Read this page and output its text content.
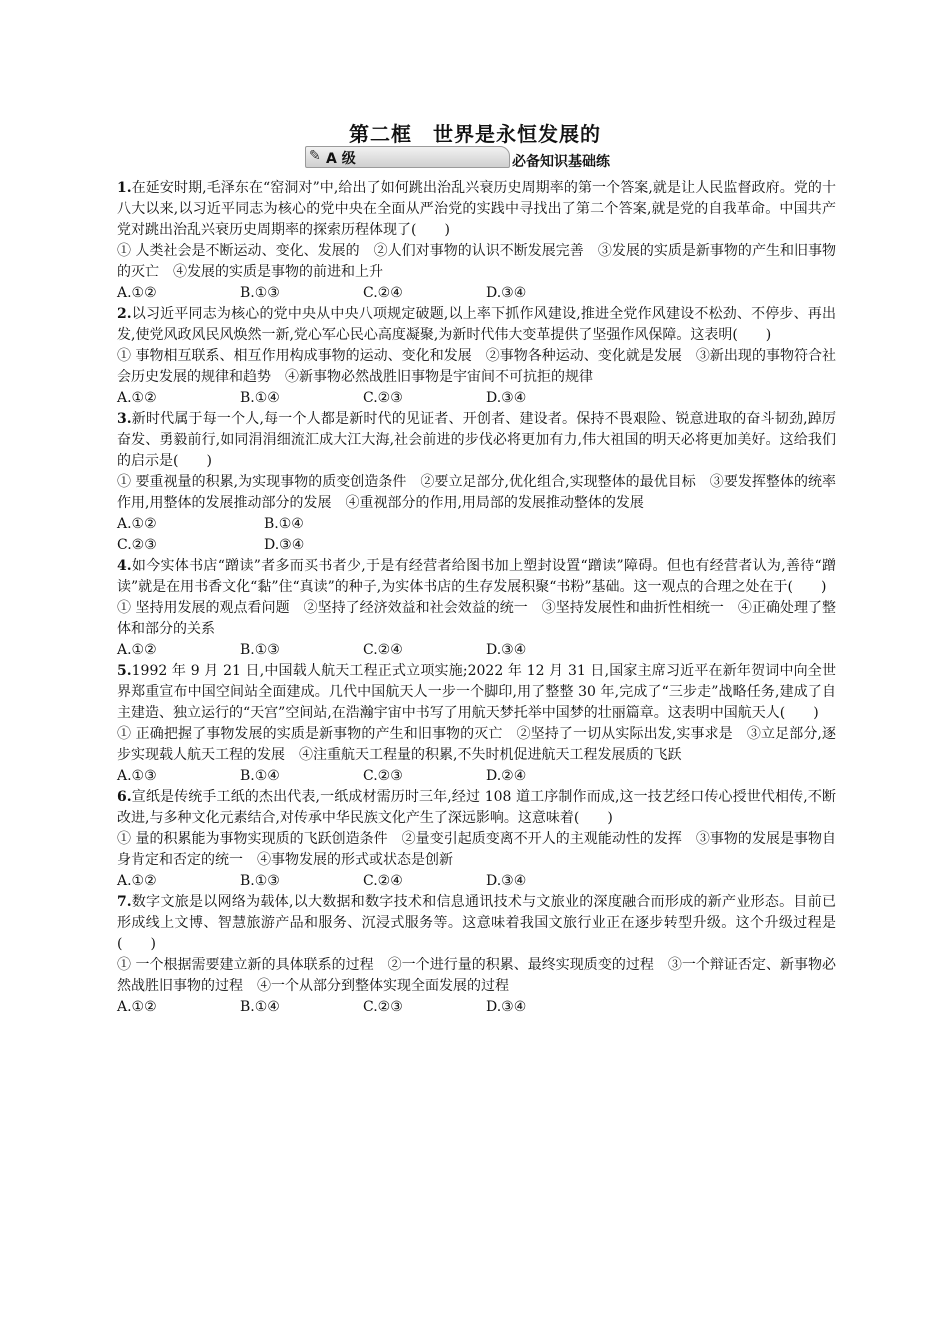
第二框　世界是永恒发展的
✎ A 级	必备知识基础练
1.在延安时期,毛泽东在“窑洞对”中,给出了如何跳出治乱兴衰历史周期率的第一个答案,就是让人民监督政府。党的十八大以来,以习近平同志为核心的党中央在全面从严治党的实践中寻找出了第二个答案,就是党的自我革命。中国共产党对跳出治乱兴衰历史周期率的探索历程体现了(　　)
① 人类社会是不断运动、变化、发展的　②人们对事物的认识不断发展完善　③发展的实质是新事物的产生和旧事物的灭亡　④发展的实质是事物的前进和上升
A.①②	B.①③	C.②④	D.③④
2.以习近平同志为核心的党中央从中央八项规定破题,以上率下抓作风建设,推进全党作风建设不松劲、不停步、再出发,使党风政风民风焕然一新,党心军心民心高度凝聚,为新时代伟大变革提供了坚强作风保障。这表明(　　)
① 事物相互联系、相互作用构成事物的运动、变化和发展　②事物各种运动、变化就是发展　③新出现的事物符合社会历史发展的规律和趋势　④新事物必然战胜旧事物是宇宙间不可抗拒的规律
A.①②	B.①④	C.②③	D.③④
3.新时代属于每一个人,每一个人都是新时代的见证者、开创者、建设者。保持不畏艰险、锐意进取的奋斗韧劲,踔厉奋发、勇毅前行,如同涓涓细流汇成大江大海,社会前进的步伐必将更加有力,伟大祖国的明天必将更加美好。这给我们的启示是(　　)
① 要重视量的积累,为实现事物的质变创造条件　②要立足部分,优化组合,实现整体的最优目标　③要发挥整体的统率作用,用整体的发展推动部分的发展　④重视部分的作用,用局部的发展推动整体的发展
A.①②	B.①④
C.②③	D.③④
4.如今实体书店“蹭读”者多而买书者少,于是有经营者给图书加上塑封设置“蹭读”障碍。但也有经营者认为,善待“蹭读”就是在用书香文化“黏”住“真读”的种子,为实体书店的生存发展积聚“书粉”基础。这一观点的合理之处在于(　　)
① 坚持用发展的观点看问题　②坚持了经济效益和社会效益的统一　③坚持发展性和曲折性相统一　④正确处理了整体和部分的关系
A.①②	B.①③	C.②④	D.③④
5.1992 年 9 月 21 日,中国载人航天工程正式立项实施;2022 年 12 月 31 日,国家主席习近平在新年贺词中向全世界郑重宣布中国空间站全面建成。几代中国航天人一步一个脚印,用了整整 30 年,完成了“三步走”战略任务,建成了自主建造、独立运行的“天宫”空间站,在浩瀚宇宙中书写了用航天梦托举中国梦的壮丽篇章。这表明中国航天人(　　)
① 正确把握了事物发展的实质是新事物的产生和旧事物的灭亡　②坚持了一切从实际出发,实事求是　③立足部分,逐步实现载人航天工程的发展　④注重航天工程量的积累,不失时机促进航天工程发展质的飞跃
A.①③	B.①④	C.②③	D.②④
6.宣纸是传统手工纸的杰出代表,一纸成材需历时三年,经过 108 道工序制作而成,这一技艺经口传心授世代相传,不断改进,与多种文化元素结合,对传承中华民族文化产生了深远影响。这意味着(　　)
① 量的积累能为事物实现质的飞跃创造条件　②量变引起质变离不开人的主观能动性的发挥　③事物的发展是事物自身肯定和否定的统一　④事物发展的形式或状态是创新
A.①②	B.①③	C.②④	D.③④
7.数字文旅是以网络为载体,以大数据和数字技术和信息通讯技术与文旅业的深度融合而形成的新产业形态。目前已形成线上文博、智慧旅游产品和服务、沉浸式服务等。这意味着我国文旅行业正在逐步转型升级。这个升级过程是(　　)
① 一个根据需要建立新的具体联系的过程　②一个进行量的积累、最终实现质变的过程　③一个辩证否定、新事物必然战胜旧事物的过程　④一个从部分到整体实现全面发展的过程
A.①②	B.①④	C.②③	D.③④
